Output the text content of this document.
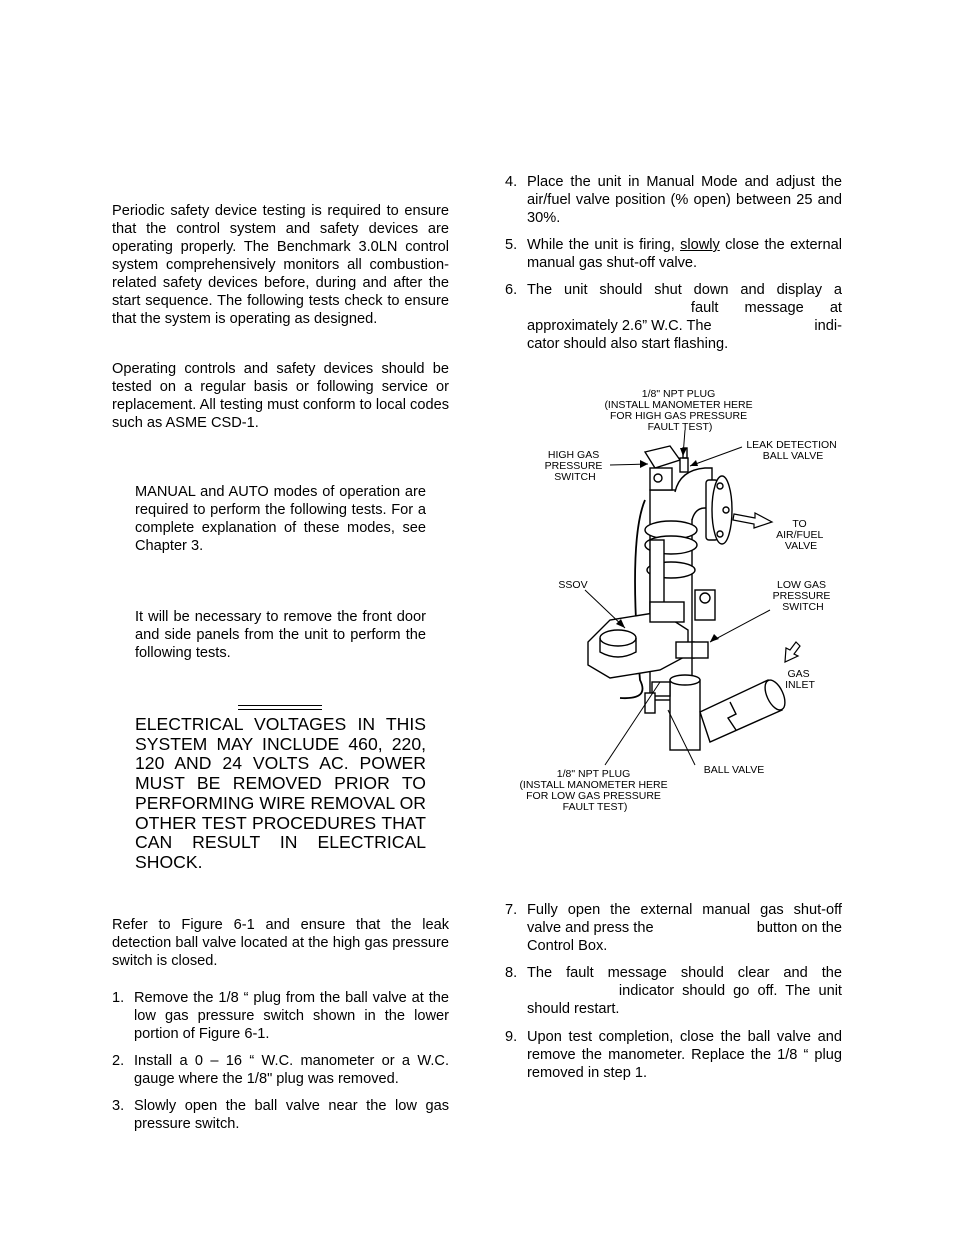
Periodic safety device testing is required to ensure that the control system and safety devices are operating properly. The Benchmark 3.0LN control system comprehensively monitors all combustion-related safety devices before, during and after the start sequence. The following tests check to ensure that the system is operating as designed.

Operating controls and safety devices should be tested on a regular basis or following service or replacement. All testing must conform to local codes such as ASME CSD-1.

MANUAL and AUTO modes of operation are required to perform the following tests. For a complete explanation of these modes, see Chapter 3.

It will be necessary to remove the front door and side panels from the unit to perform the following tests.

ELECTRICAL VOLTAGES IN THIS SYSTEM MAY INCLUDE 460, 220, 120 AND 24 VOLTS AC. POWER MUST BE REMOVED PRIOR TO PERFORMING WIRE REMOVAL OR OTHER TEST PROCEDURES THAT CAN RESULT IN ELECTRICAL SHOCK.

Refer to Figure 6-1 and ensure that the leak detection ball valve located at the high gas pressure switch is closed.

1. Remove the 1/8 “ plug from the ball valve at the low gas pressure switch shown in the lower portion of Figure 6-1.
2. Install a 0 – 16 “ W.C. manometer or a W.C. gauge where the 1/8" plug was removed.
3. Slowly open the ball valve near the low gas pressure switch.
4. Place the unit in Manual Mode and adjust the air/fuel valve position (% open) between 25 and 30%.
5. While the unit is firing, slowly close the external manual gas shut-off valve.
6. The unit should shut down and display a
fault message at
approximately 2.6” W.C. The	indi-
cator should also start flashing.
1/8" NPT PLUG (INSTALL MANOMETER HERE FOR HIGH GAS PRESSURE FAULT TEST)
LEAK DETECTION BALL VALVE
HIGH GAS PRESSURE SWITCH
TO AIR/FUEL VALVE
SSOV	LOW GAS PRESSURE SWITCH
GAS INLET
BALL VALVE
1/8" NPT PLUG (INSTALL MANOMETER HERE FOR LOW GAS PRESSURE FAULT TEST)
7. Fully open the external manual gas shut-off
valve and press the	button on the
Control Box.
8. The fault message should clear and the
indicator should go off. The unit
should restart.
9. Upon test completion, close the ball valve and remove the manometer. Replace the 1/8 “ plug removed in step 1.
